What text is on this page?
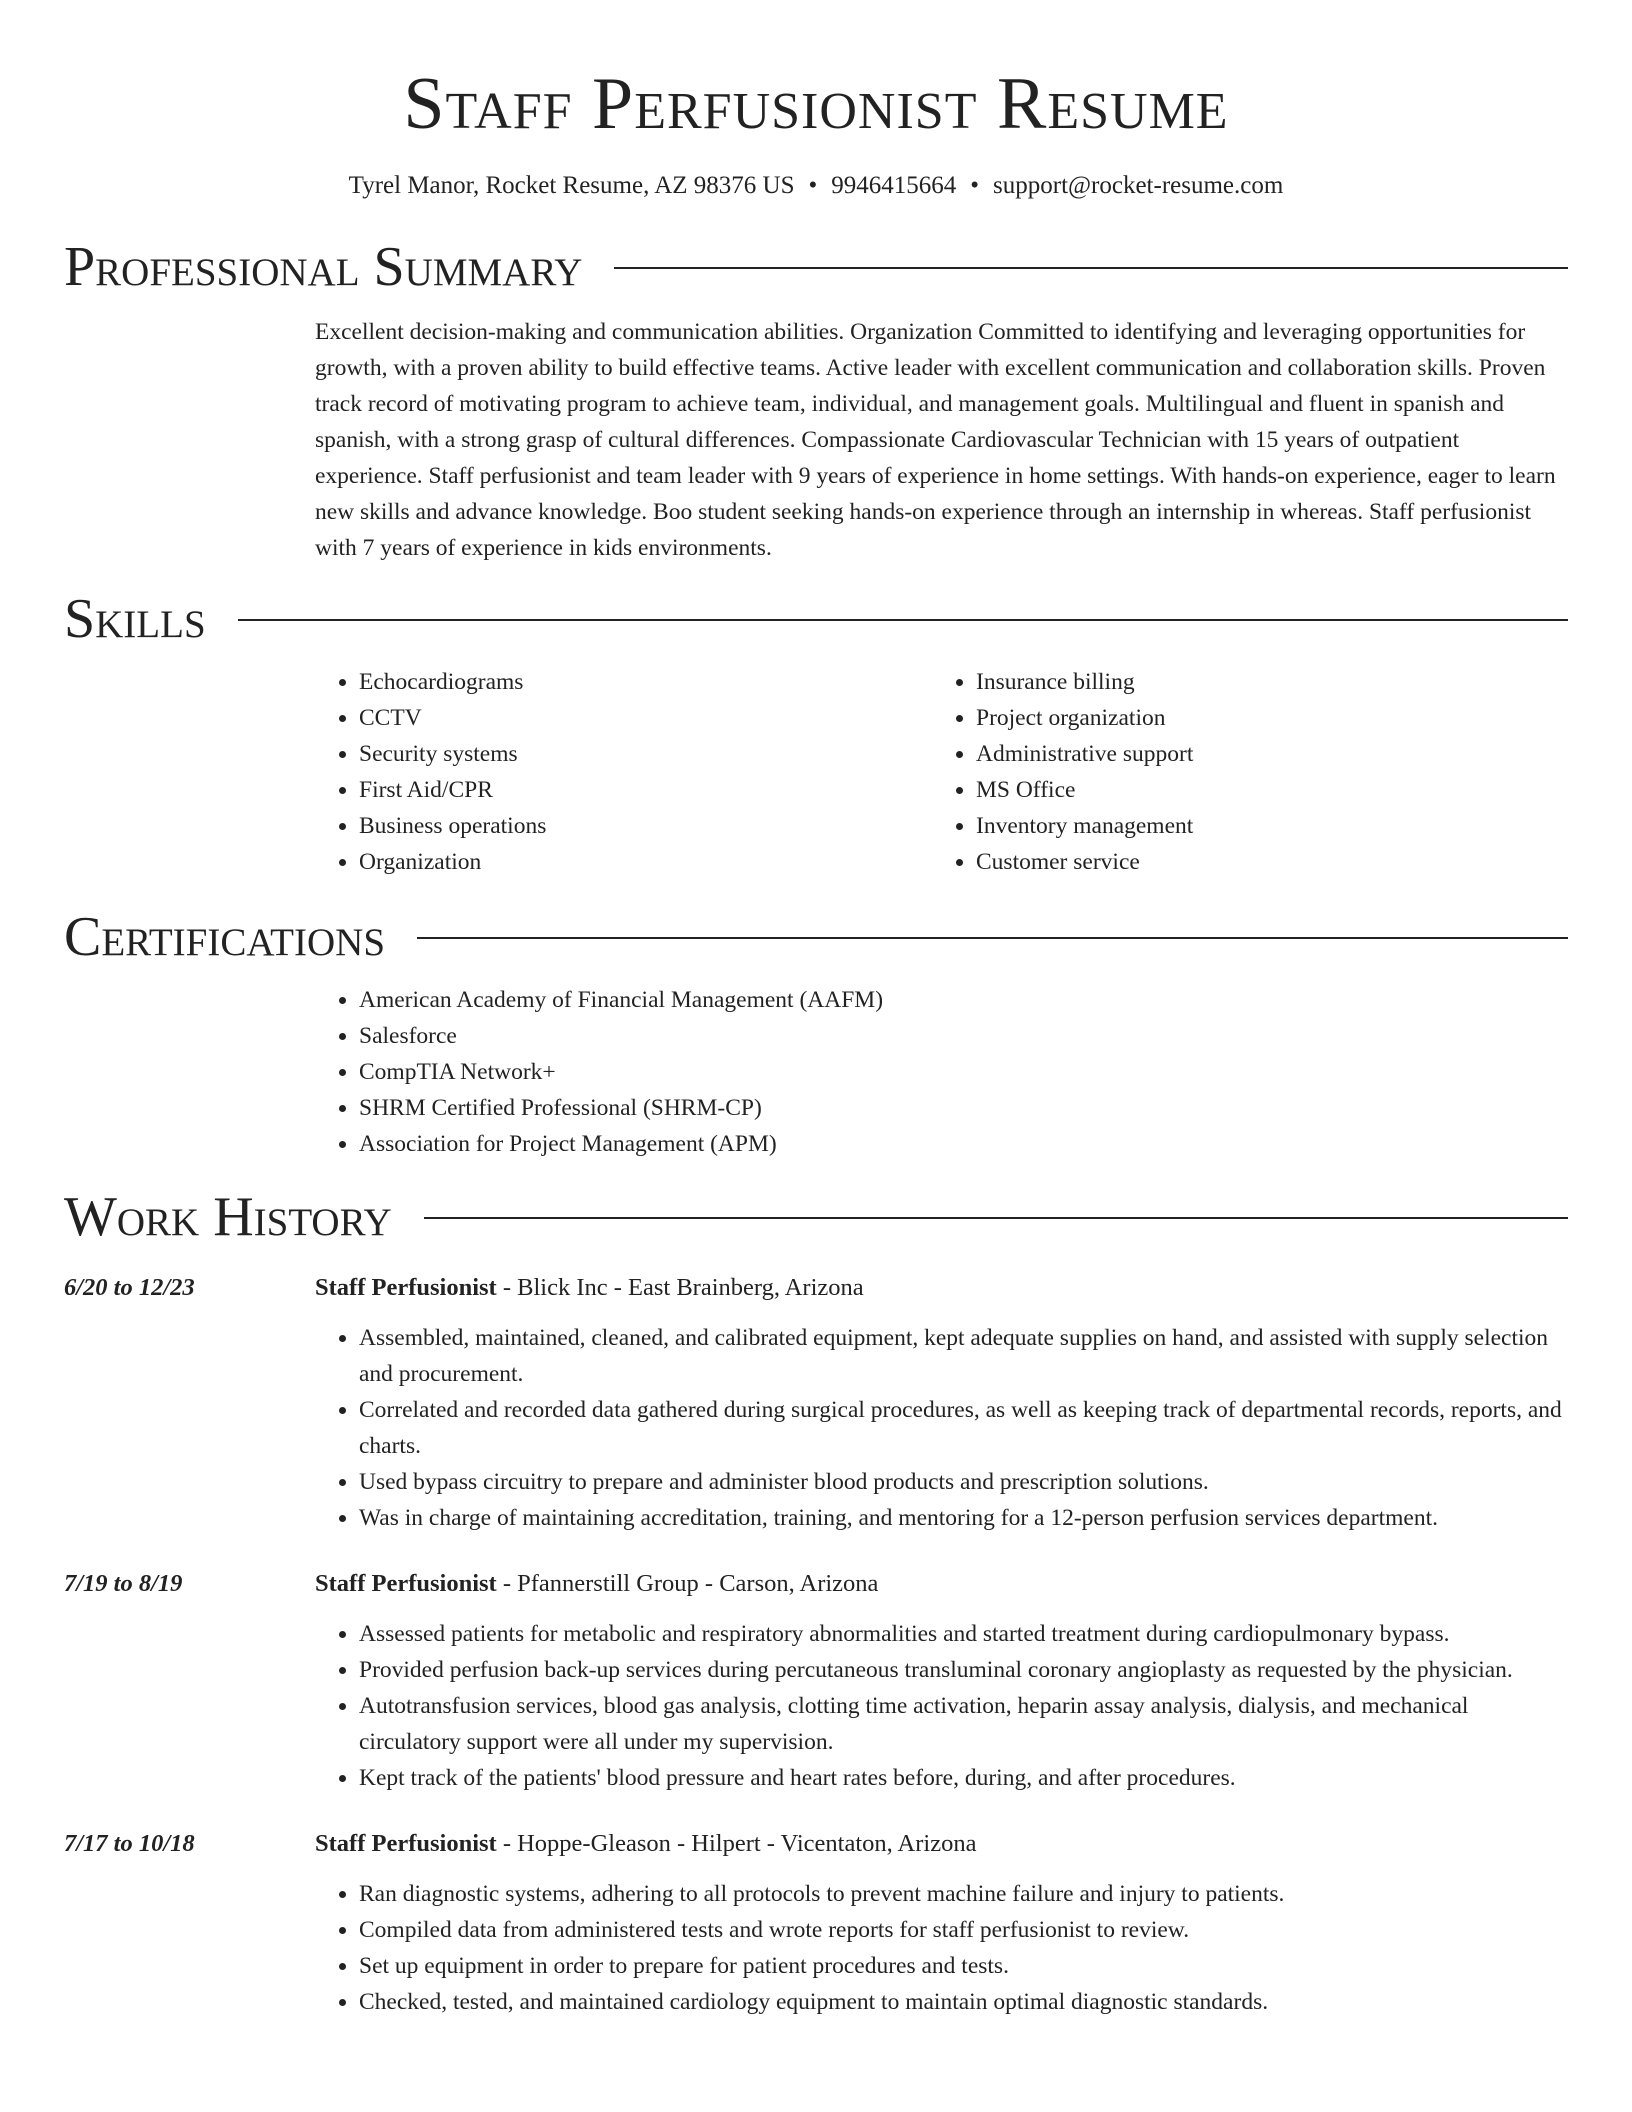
Staff Perfusionist Resume
Tyrel Manor, Rocket Resume, AZ 98376 US • 9946415664 • support@rocket-resume.com
Professional Summary

Excellent decision-making and communication abilities. Organization Committed to identifying and leveraging opportunities for growth, with a proven ability to build effective teams. Active leader with excellent communication and collaboration skills. Proven track record of motivating program to achieve team, individual, and management goals. Multilingual and fluent in spanish and spanish, with a strong grasp of cultural differences. Compassionate Cardiovascular Technician with 15 years of outpatient experience. Staff perfusionist and team leader with 9 years of experience in home settings. With hands-on experience, eager to learn new skills and advance knowledge. Boo student seeking hands-on experience through an internship in whereas. Staff perfusionist with 7 years of experience in kids environments.

Skills
• Echocardiograms
• CCTV
• Security systems
• First Aid/CPR
• Business operations
• Organization
• Insurance billing
• Project organization
• Administrative support
• MS Office
• Inventory management
• Customer service
Certifications
• American Academy of Financial Management (AAFM)
• Salesforce
• CompTIA Network+
• SHRM Certified Professional (SHRM-CP)
• Association for Project Management (APM)
Work History
6/20 to 12/23	Staff Perfusionist - Blick Inc - East Brainberg, Arizona
• Assembled, maintained, cleaned, and calibrated equipment, kept adequate supplies on hand, and assisted with supply selection and procurement.
• Correlated and recorded data gathered during surgical procedures, as well as keeping track of departmental records, reports, and charts.
• Used bypass circuitry to prepare and administer blood products and prescription solutions.
• Was in charge of maintaining accreditation, training, and mentoring for a 12-person perfusion services department.
7/19 to 8/19	Staff Perfusionist - Pfannerstill Group - Carson, Arizona
• Assessed patients for metabolic and respiratory abnormalities and started treatment during cardiopulmonary bypass.
• Provided perfusion back-up services during percutaneous transluminal coronary angioplasty as requested by the physician.
• Autotransfusion services, blood gas analysis, clotting time activation, heparin assay analysis, dialysis, and mechanical circulatory support were all under my supervision.
• Kept track of the patients' blood pressure and heart rates before, during, and after procedures.
7/17 to 10/18	Staff Perfusionist - Hoppe-Gleason - Hilpert - Vicentaton, Arizona
• Ran diagnostic systems, adhering to all protocols to prevent machine failure and injury to patients.
• Compiled data from administered tests and wrote reports for staff perfusionist to review.
• Set up equipment in order to prepare for patient procedures and tests.
• Checked, tested, and maintained cardiology equipment to maintain optimal diagnostic standards.
